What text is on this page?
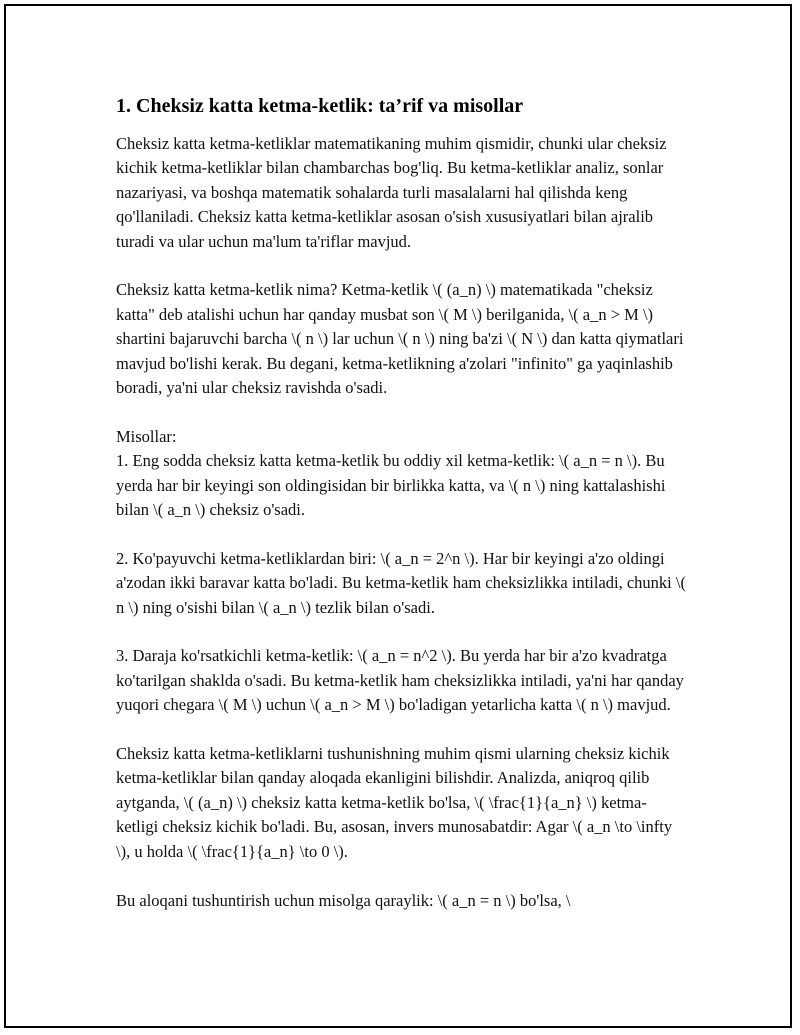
1. Cheksiz katta ketma-ketlik: ta’rif va misollar

Cheksiz katta ketma-ketliklar matematikaning muhim qismidir, chunki ular cheksiz kichik ketma-ketliklar bilan chambarchas bog'liq. Bu ketma-ketliklar analiz, sonlar nazariyasi, va boshqa matematik sohalarda turli masalalarni hal qilishda keng qo'llaniladi. Cheksiz katta ketma-ketliklar asosan o'sish xususiyatlari bilan ajralib turadi va ular uchun ma'lum ta'riflar mavjud.

Cheksiz katta ketma-ketlik nima? Ketma-ketlik \( (a_n) \) matematikada "cheksiz katta" deb atalishi uchun har qanday musbat son \( M \) berilganida, \( a_n > M \) shartini bajaruvchi barcha \( n \) lar uchun \( n \) ning ba'zi \( N \) dan katta qiymatlari mavjud bo'lishi kerak. Bu degani, ketma-ketlikning a'zolari "infinito" ga yaqinlashib boradi, ya'ni ular cheksiz ravishda o'sadi.

Misollar:
1. Eng sodda cheksiz katta ketma-ketlik bu oddiy xil ketma-ketlik: \( a_n = n \). Bu yerda har bir keyingi son oldingisidan bir birlikka katta, va \( n \) ning kattalashishi bilan \( a_n \) cheksiz o'sadi.

2. Ko'payuvchi ketma-ketliklardan biri: \( a_n = 2^n \). Har bir keyingi a'zo oldingi a'zodan ikki baravar katta bo'ladi. Bu ketma-ketlik ham cheksizlikka intiladi, chunki \( n \) ning o'sishi bilan \( a_n \) tezlik bilan o'sadi.

3. Daraja ko'rsatkichli ketma-ketlik: \( a_n = n^2 \). Bu yerda har bir a'zo kvadratga ko'tarilgan shaklda o'sadi. Bu ketma-ketlik ham cheksizlikka intiladi, ya'ni har qanday yuqori chegara \( M \) uchun \( a_n > M \) bo'ladigan yetarlicha katta \( n \) mavjud.

Cheksiz katta ketma-ketliklarni tushunishning muhim qismi ularning cheksiz kichik ketma-ketliklar bilan qanday aloqada ekanligini bilishdir. Analizda, aniqroq qilib aytganda, \( (a_n) \) cheksiz katta ketma-ketlik bo'lsa, \( \frac{1}{a_n} \) ketma-ketligi cheksiz kichik bo'ladi. Bu, asosan, invers munosabatdir: Agar \( a_n \to \infty \), u holda \( \frac{1}{a_n} \to 0 \).

Bu aloqani tushuntirish uchun misolga qaraylik: \( a_n = n \) bo'lsa, \
